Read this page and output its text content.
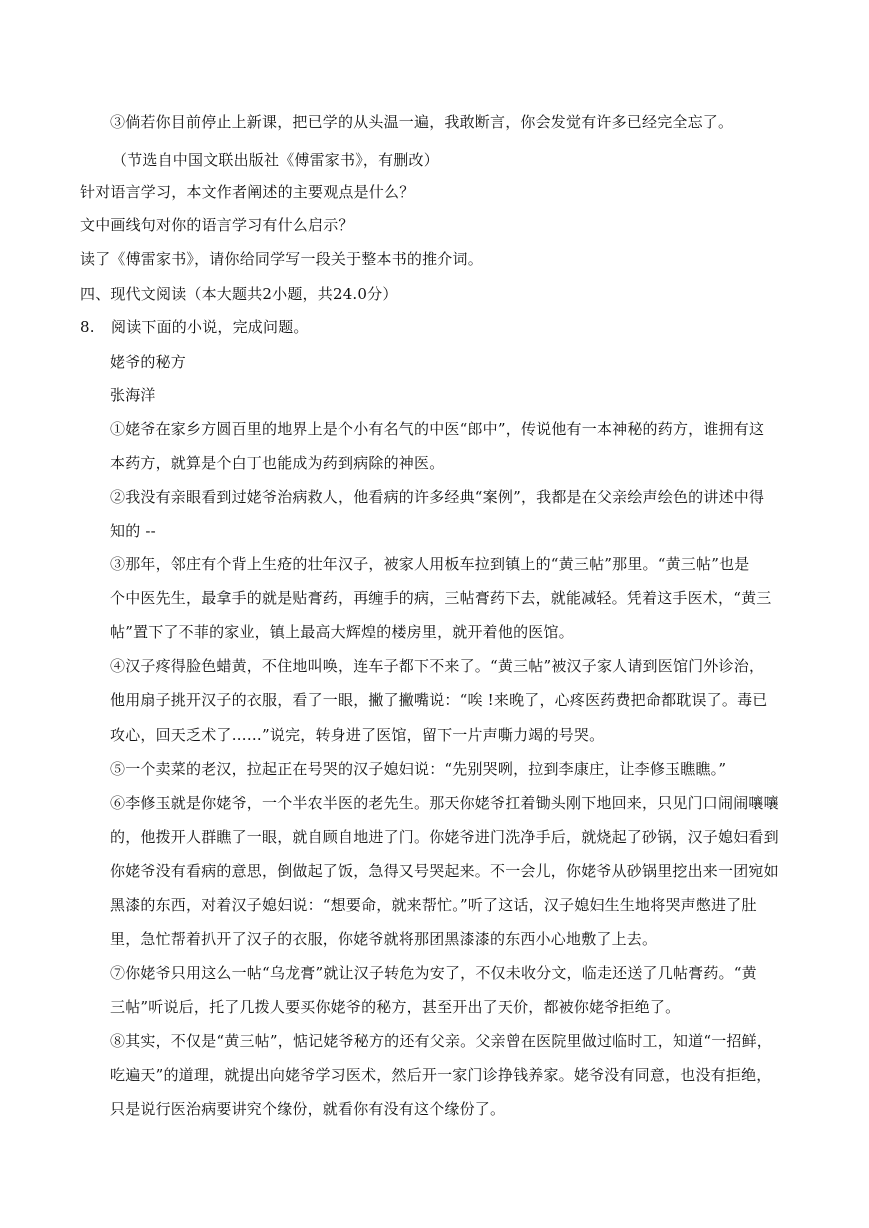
③倘若你目前停止上新课，把已学的从头温一遍，我敢断言，你会发觉有许多已经完全忘了。
（节选自中国文联出版社《傅雷家书》，有删改）
针对语言学习，本文作者阐述的主要观点是什么？
文中画线句对你的语言学习有什么启示？
读了《傅雷家书》，请你给同学写一段关于整本书的推介词。
四、现代文阅读（本大题共2小题，共24.0分）
8. 阅读下面的小说，完成问题。
姥爷的秘方
张海洋
①姥爷在家乡方圆百里的地界上是个小有名气的中医“郎中”，传说他有一本神秘的药方，谁拥有这
本药方，就算是个白丁也能成为药到病除的神医。
②我没有亲眼看到过姥爷治病救人，他看病的许多经典“案例”，我都是在父亲绘声绘色的讲述中得
知的 --
③那年，邻庄有个背上生疮的壮年汉子，被家人用板车拉到镇上的“黄三帖”那里。“黄三帖”也是
个中医先生，最拿手的就是贴膏药，再缠手的病，三帖膏药下去，就能减轻。凭着这手医术，“黄三
帖”置下了不菲的家业，镇上最高大辉煌的楼房里，就开着他的医馆。
④汉子疼得脸色蜡黄，不住地叫唤，连车子都下不来了。“黄三帖”被汉子家人请到医馆门外诊治，
他用扇子挑开汉子的衣服，看了一眼，撇了撇嘴说：“唉 !来晚了，心疼医药费把命都耽误了。毒已
攻心，回天乏术了……”说完，转身进了医馆，留下一片声嘶力竭的号哭。
⑤一个卖菜的老汉，拉起正在号哭的汉子媳妇说：“先别哭咧，拉到李康庄，让李修玉瞧瞧。”
⑥李修玉就是你姥爷，一个半农半医的老先生。那天你姥爷扛着锄头刚下地回来，只见门口闹闹嚷嚷
的，他拨开人群瞧了一眼，就自顾自地进了门。你姥爷进门洗净手后，就烧起了砂锅，汉子媳妇看到
你姥爷没有看病的意思，倒做起了饭，急得又号哭起来。不一会儿，你姥爷从砂锅里挖出来一团宛如
黑漆的东西，对着汉子媳妇说：“想要命，就来帮忙。”听了这话，汉子媳妇生生地将哭声憋进了肚
里，急忙帮着扒开了汉子的衣服，你姥爷就将那团黑漆漆的东西小心地敷了上去。
⑦你姥爷只用这么一帖“乌龙膏”就让汉子转危为安了，不仅未收分文，临走还送了几帖膏药。“黄
三帖”听说后，托了几拨人要买你姥爷的秘方，甚至开出了天价，都被你姥爷拒绝了。
⑧其实，不仅是“黄三帖”，惦记姥爷秘方的还有父亲。父亲曾在医院里做过临时工，知道“一招鲜，
吃遍天”的道理，就提出向姥爷学习医术，然后开一家门诊挣钱养家。姥爷没有同意，也没有拒绝，
只是说行医治病要讲究个缘份，就看你有没有这个缘份了。
